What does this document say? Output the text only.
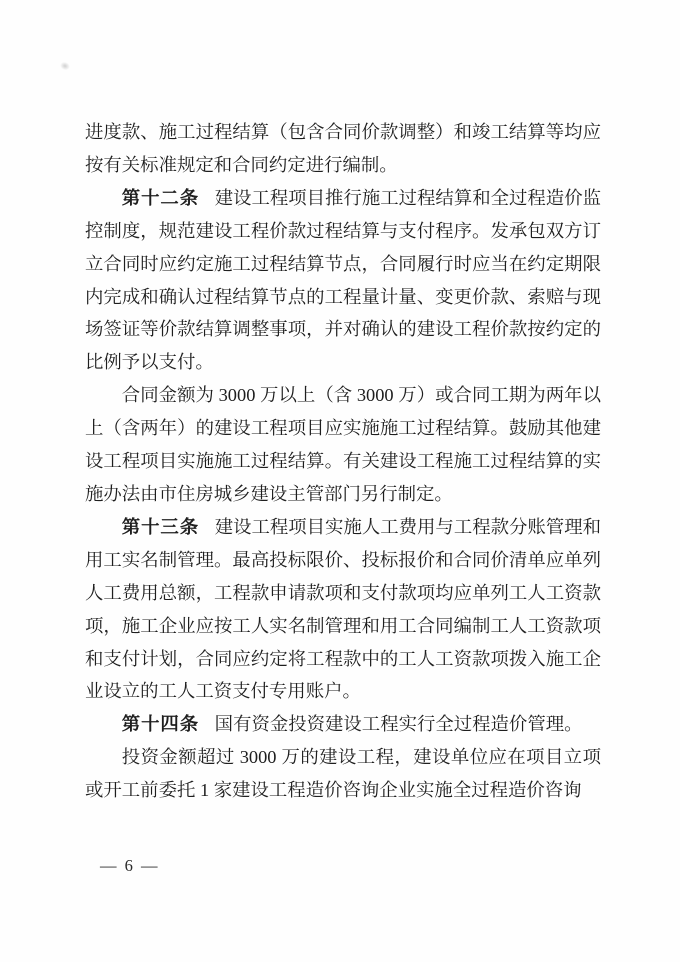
进度款、施工过程结算（包含合同价款调整）和竣工结算等均应按有关标准规定和合同约定进行编制。

第十二条 建设工程项目推行施工过程结算和全过程造价监控制度，规范建设工程价款过程结算与支付程序。发承包双方订立合同时应约定施工过程结算节点，合同履行时应当在约定期限内完成和确认过程结算节点的工程量计量、变更价款、索赔与现场签证等价款结算调整事项，并对确认的建设工程价款按约定的比例予以支付。

合同金额为 3000 万以上（含 3000 万）或合同工期为两年以上（含两年）的建设工程项目应实施施工过程结算。鼓励其他建设工程项目实施施工过程结算。有关建设工程施工过程结算的实施办法由市住房城乡建设主管部门另行制定。

第十三条 建设工程项目实施人工费用与工程款分账管理和用工实名制管理。最高投标限价、投标报价和合同价清单应单列人工费用总额，工程款申请款项和支付款项均应单列工人工资款项，施工企业应按工人实名制管理和用工合同编制工人工资款项和支付计划，合同应约定将工程款中的工人工资款项拨入施工企业设立的工人工资支付专用账户。

第十四条 国有资金投资建设工程实行全过程造价管理。

投资金额超过 3000 万的建设工程，建设单位应在项目立项或开工前委托 1 家建设工程造价咨询企业实施全过程造价咨询

— 6 —
